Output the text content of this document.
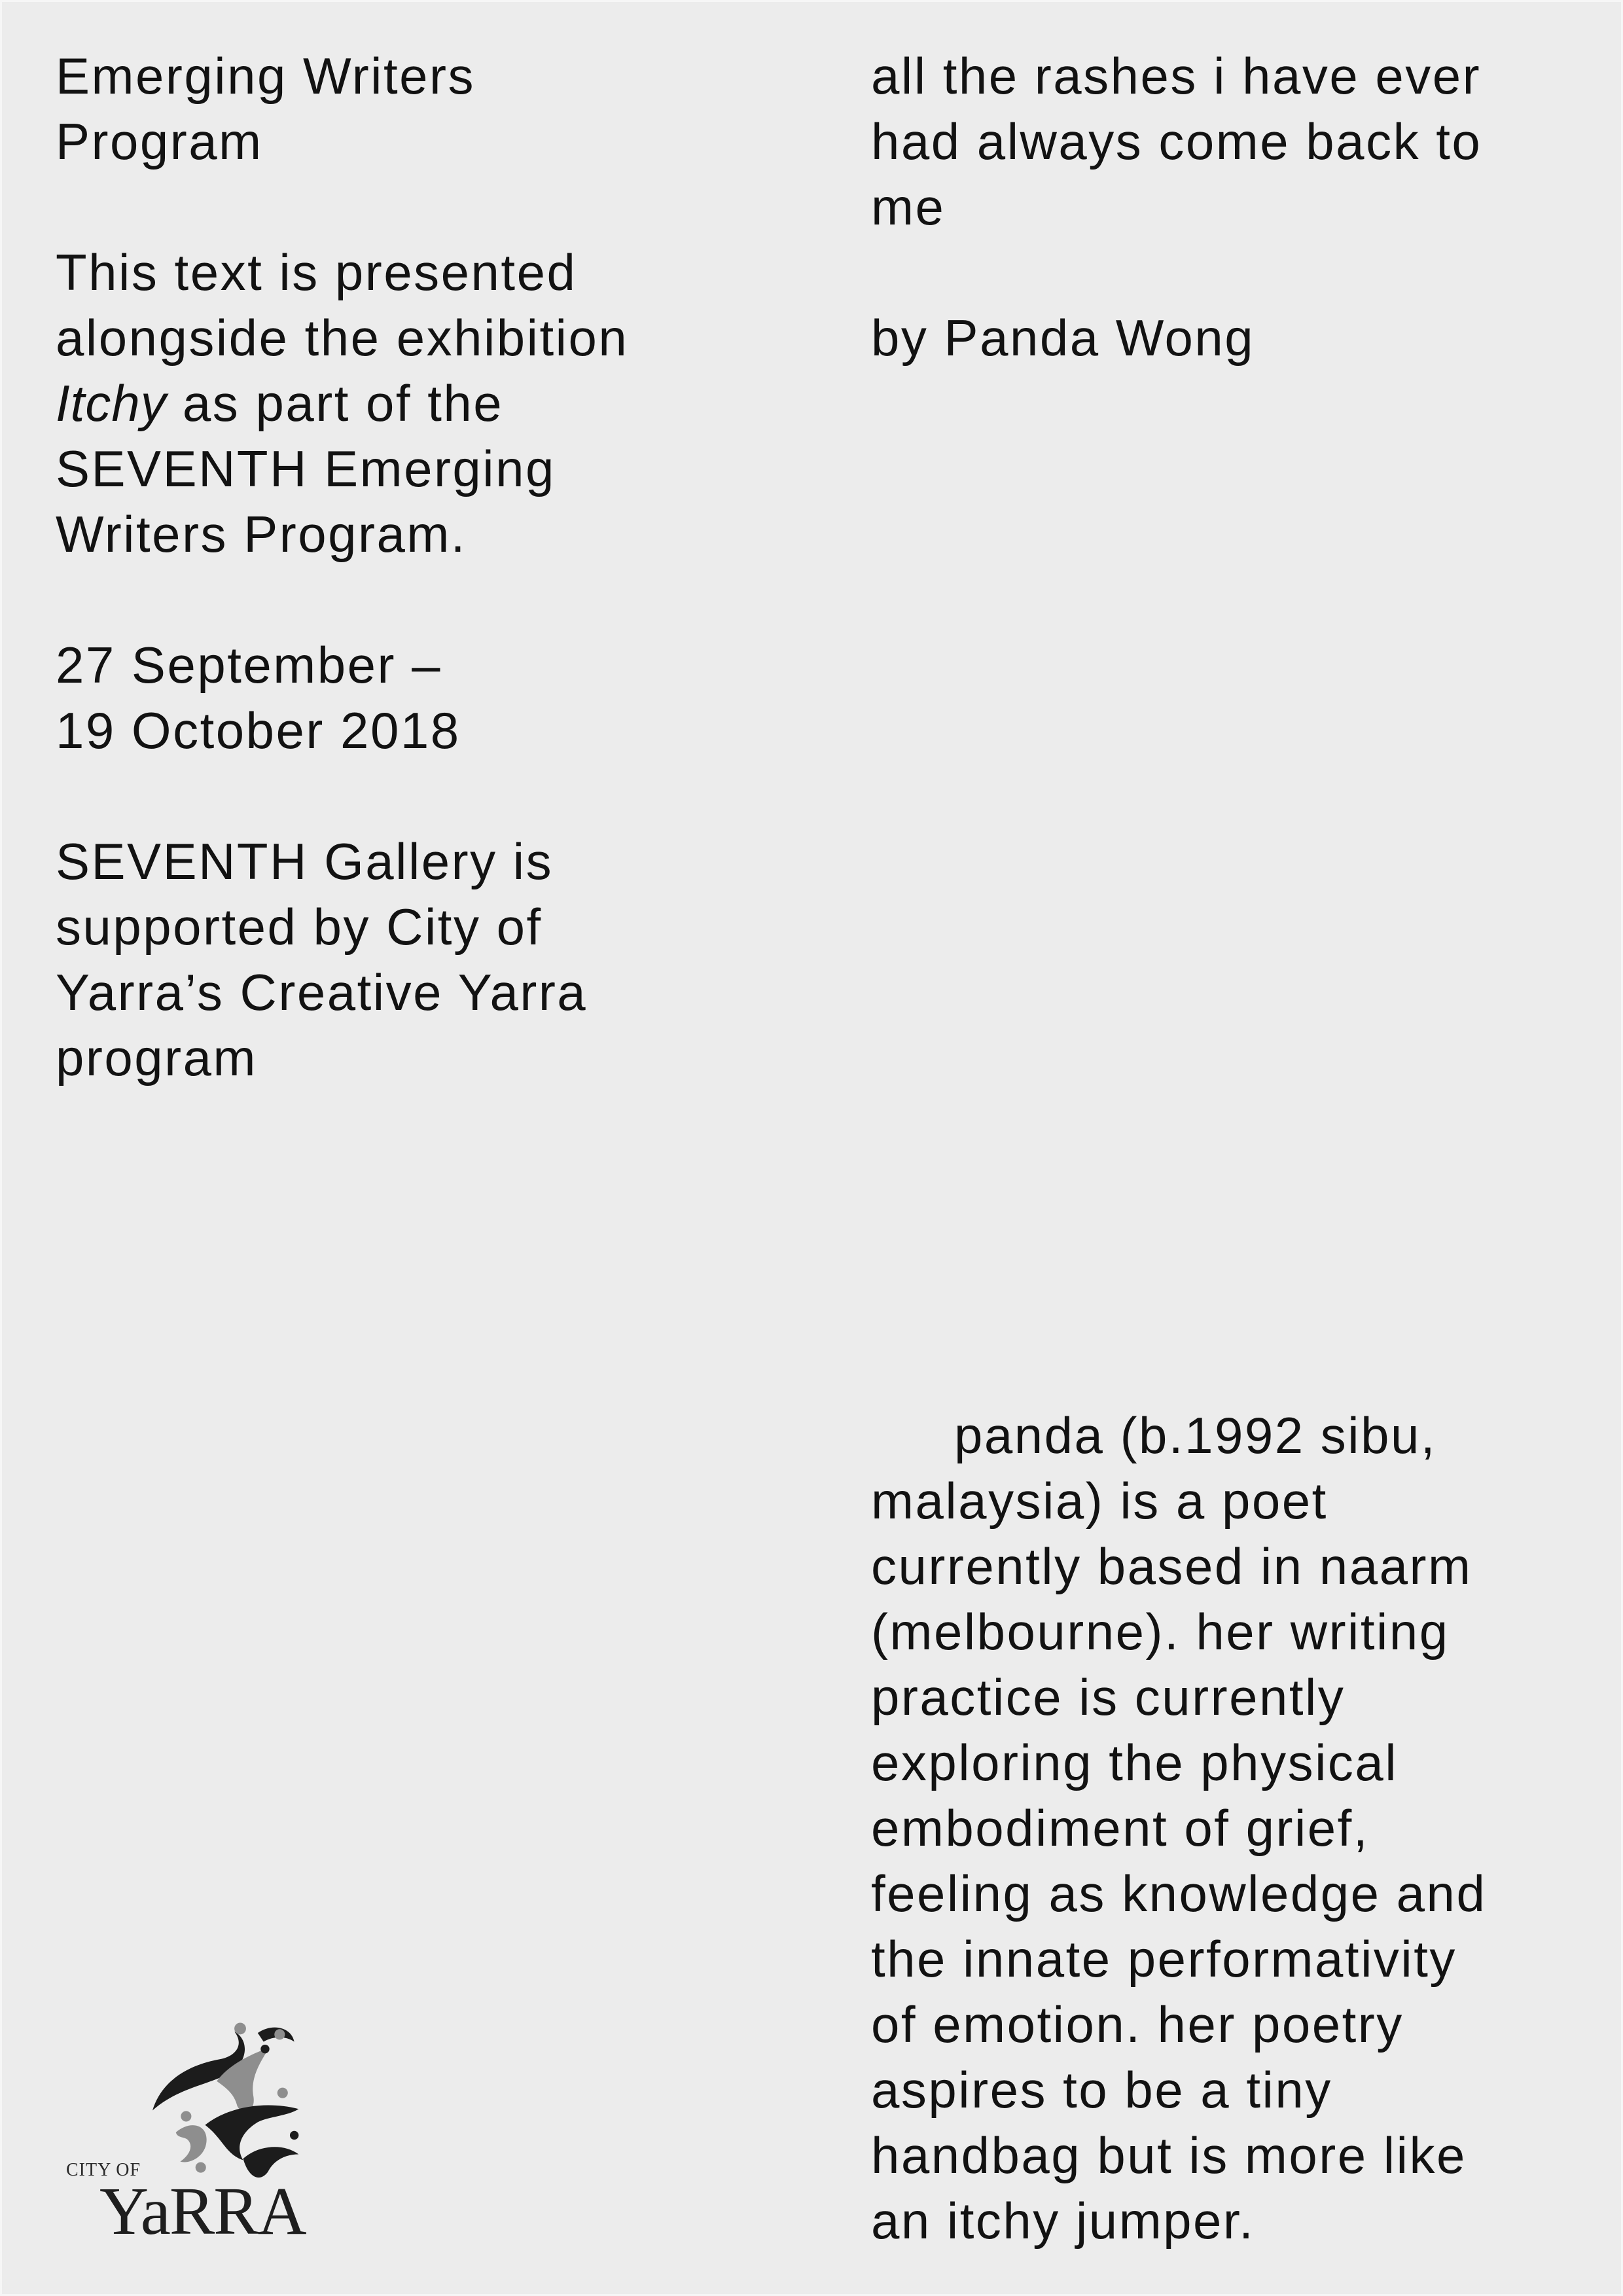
Emerging Writers
Program
This text is presented
alongside the exhibition
Itchy as part of the
SEVENTH Emerging
Writers Program.
27 September –
19 October 2018
SEVENTH Gallery is
supported by City of
Yarra’s Creative Yarra
program
all the rashes i have ever
had always come back to
me
by Panda Wong
panda (b.1992 sibu,
malaysia) is a poet
currently based in naarm
(melbourne). her writing
practice is currently
exploring the physical
embodiment of grief,
feeling as knowledge and
the innate performativity
of emotion. her poetry
aspires to be a tiny
handbag but is more like
an itchy jumper.
CITY OF
YaRRA
